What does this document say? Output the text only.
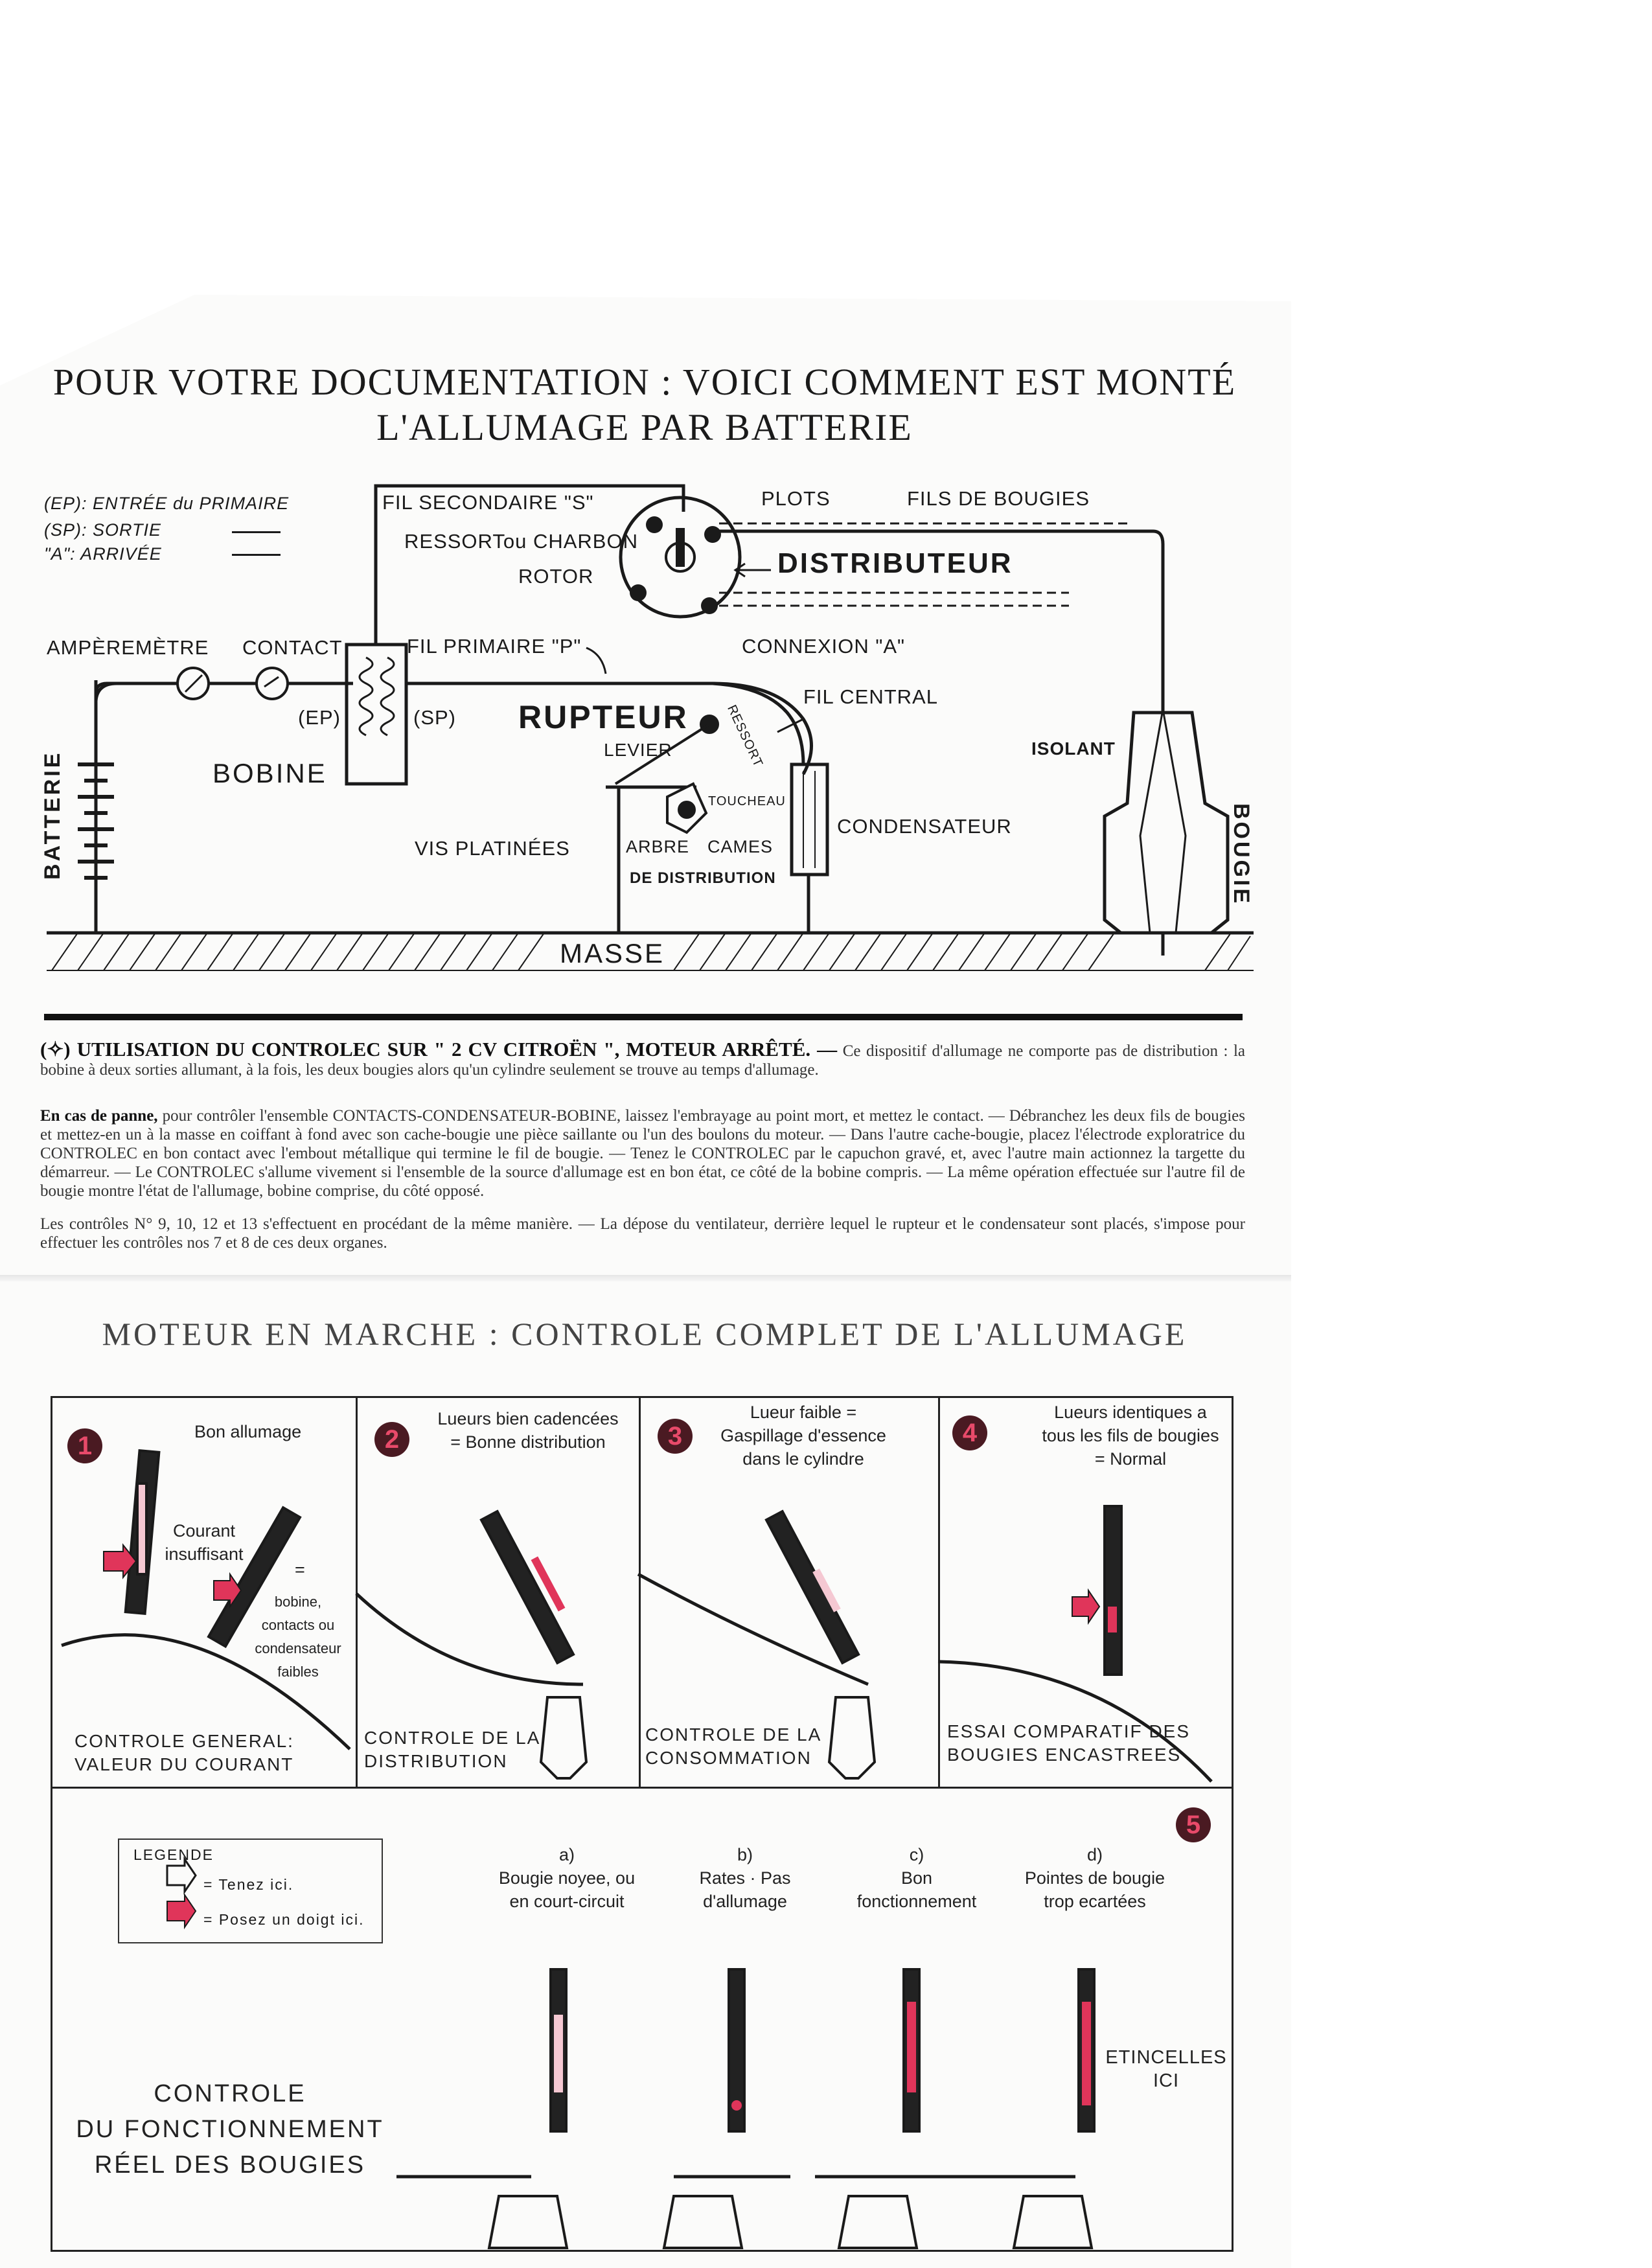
POUR VOTRE DOCUMENTATION : VOICI COMMENT EST MONTÉ
L'ALLUMAGE PAR BATTERIE
(EP): ENTRÉE du PRIMAIRE
(SP): SORTIE
"A": ARRIVÉE
FIL SECONDAIRE "S"
RESSORTou CHARBON
ROTOR
PLOTS	FILS DE BOUGIES
DISTRIBUTEUR
AMPÈREMÈTRE CONTACT	FIL PRIMAIRE "P"	CONNEXION "A"
FIL CENTRAL
(EP)	(SP) RUPTEUR	RESSORT
LEVIER
TOUCHEAU
BOBINE
BATTERIE
ISOLANT
CONDENSATEUR	BOUGIE
VIS PLATINÉES	ARBRE CAMES
DE DISTRIBUTION
MASSE
(✧) UTILISATION DU CONTROLEC SUR " 2 CV CITROËN ", MOTEUR ARRÊTÉ. — Ce dispositif d'allumage ne comporte pas de distribution : la bobine à deux sorties allumant, à la fois, les deux bougies alors qu'un cylindre seulement se trouve au temps d'allumage.
En cas de panne, pour contrôler l'ensemble CONTACTS-CONDENSATEUR-BOBINE, laissez l'embrayage au point mort, et mettez le contact. — Débranchez les deux fils de bougies et mettez-en un à la masse en coiffant à fond avec son cache-bougie une pièce saillante ou l'un des boulons du moteur. — Dans l'autre cache-bougie, placez l'électrode exploratrice du CONTROLEC en bon contact avec l'embout métallique qui termine le fil de bougie. — Tenez le CONTROLEC par le capuchon gravé, et, avec l'autre main actionnez la targette du démarreur. — Le CONTROLEC s'allume vivement si l'ensemble de la source d'allumage est en bon état, ce côté de la bobine compris. — La même opération effectuée sur l'autre fil de bougie montre l'état de l'allumage, bobine comprise, du côté opposé.
Les contrôles N° 9, 10, 12 et 13 s'effectuent en procédant de la même manière. — La dépose du ventilateur, derrière lequel le rupteur et le condensateur sont placés, s'impose pour effectuer les contrôles nos 7 et 8 de ces deux organes.
MOTEUR EN MARCHE : CONTROLE COMPLET DE L'ALLUMAGE
1	2	3	4
5
Bon allumage
Courant insuffisant
=
bobine, contacts ou condensateur faibles
CONTROLE GENERAL:
VALEUR DU COURANT
Lueurs bien cadencées
= Bonne distribution
CONTROLE DE LA
DISTRIBUTION
Lueur faible =
Gaspillage d'essence
dans le cylindre
CONTROLE DE LA
CONSOMMATION
Lueurs identiques a
tous les fils de bougies
= Normal
ESSAI COMPARATIF DES
BOUGIES ENCASTREES
LEGENDE
= Tenez ici.
= Posez un doigt ici.
a)
Bougie noyee, ou
en court-circuit
b)
Rates · Pas
d'allumage
c)
Bon
fonctionnement
d)
Pointes de bougie
trop ecartées
ETINCELLES
ICI
CONTROLE
DU FONCTIONNEMENT
RÉEL DES BOUGIES
